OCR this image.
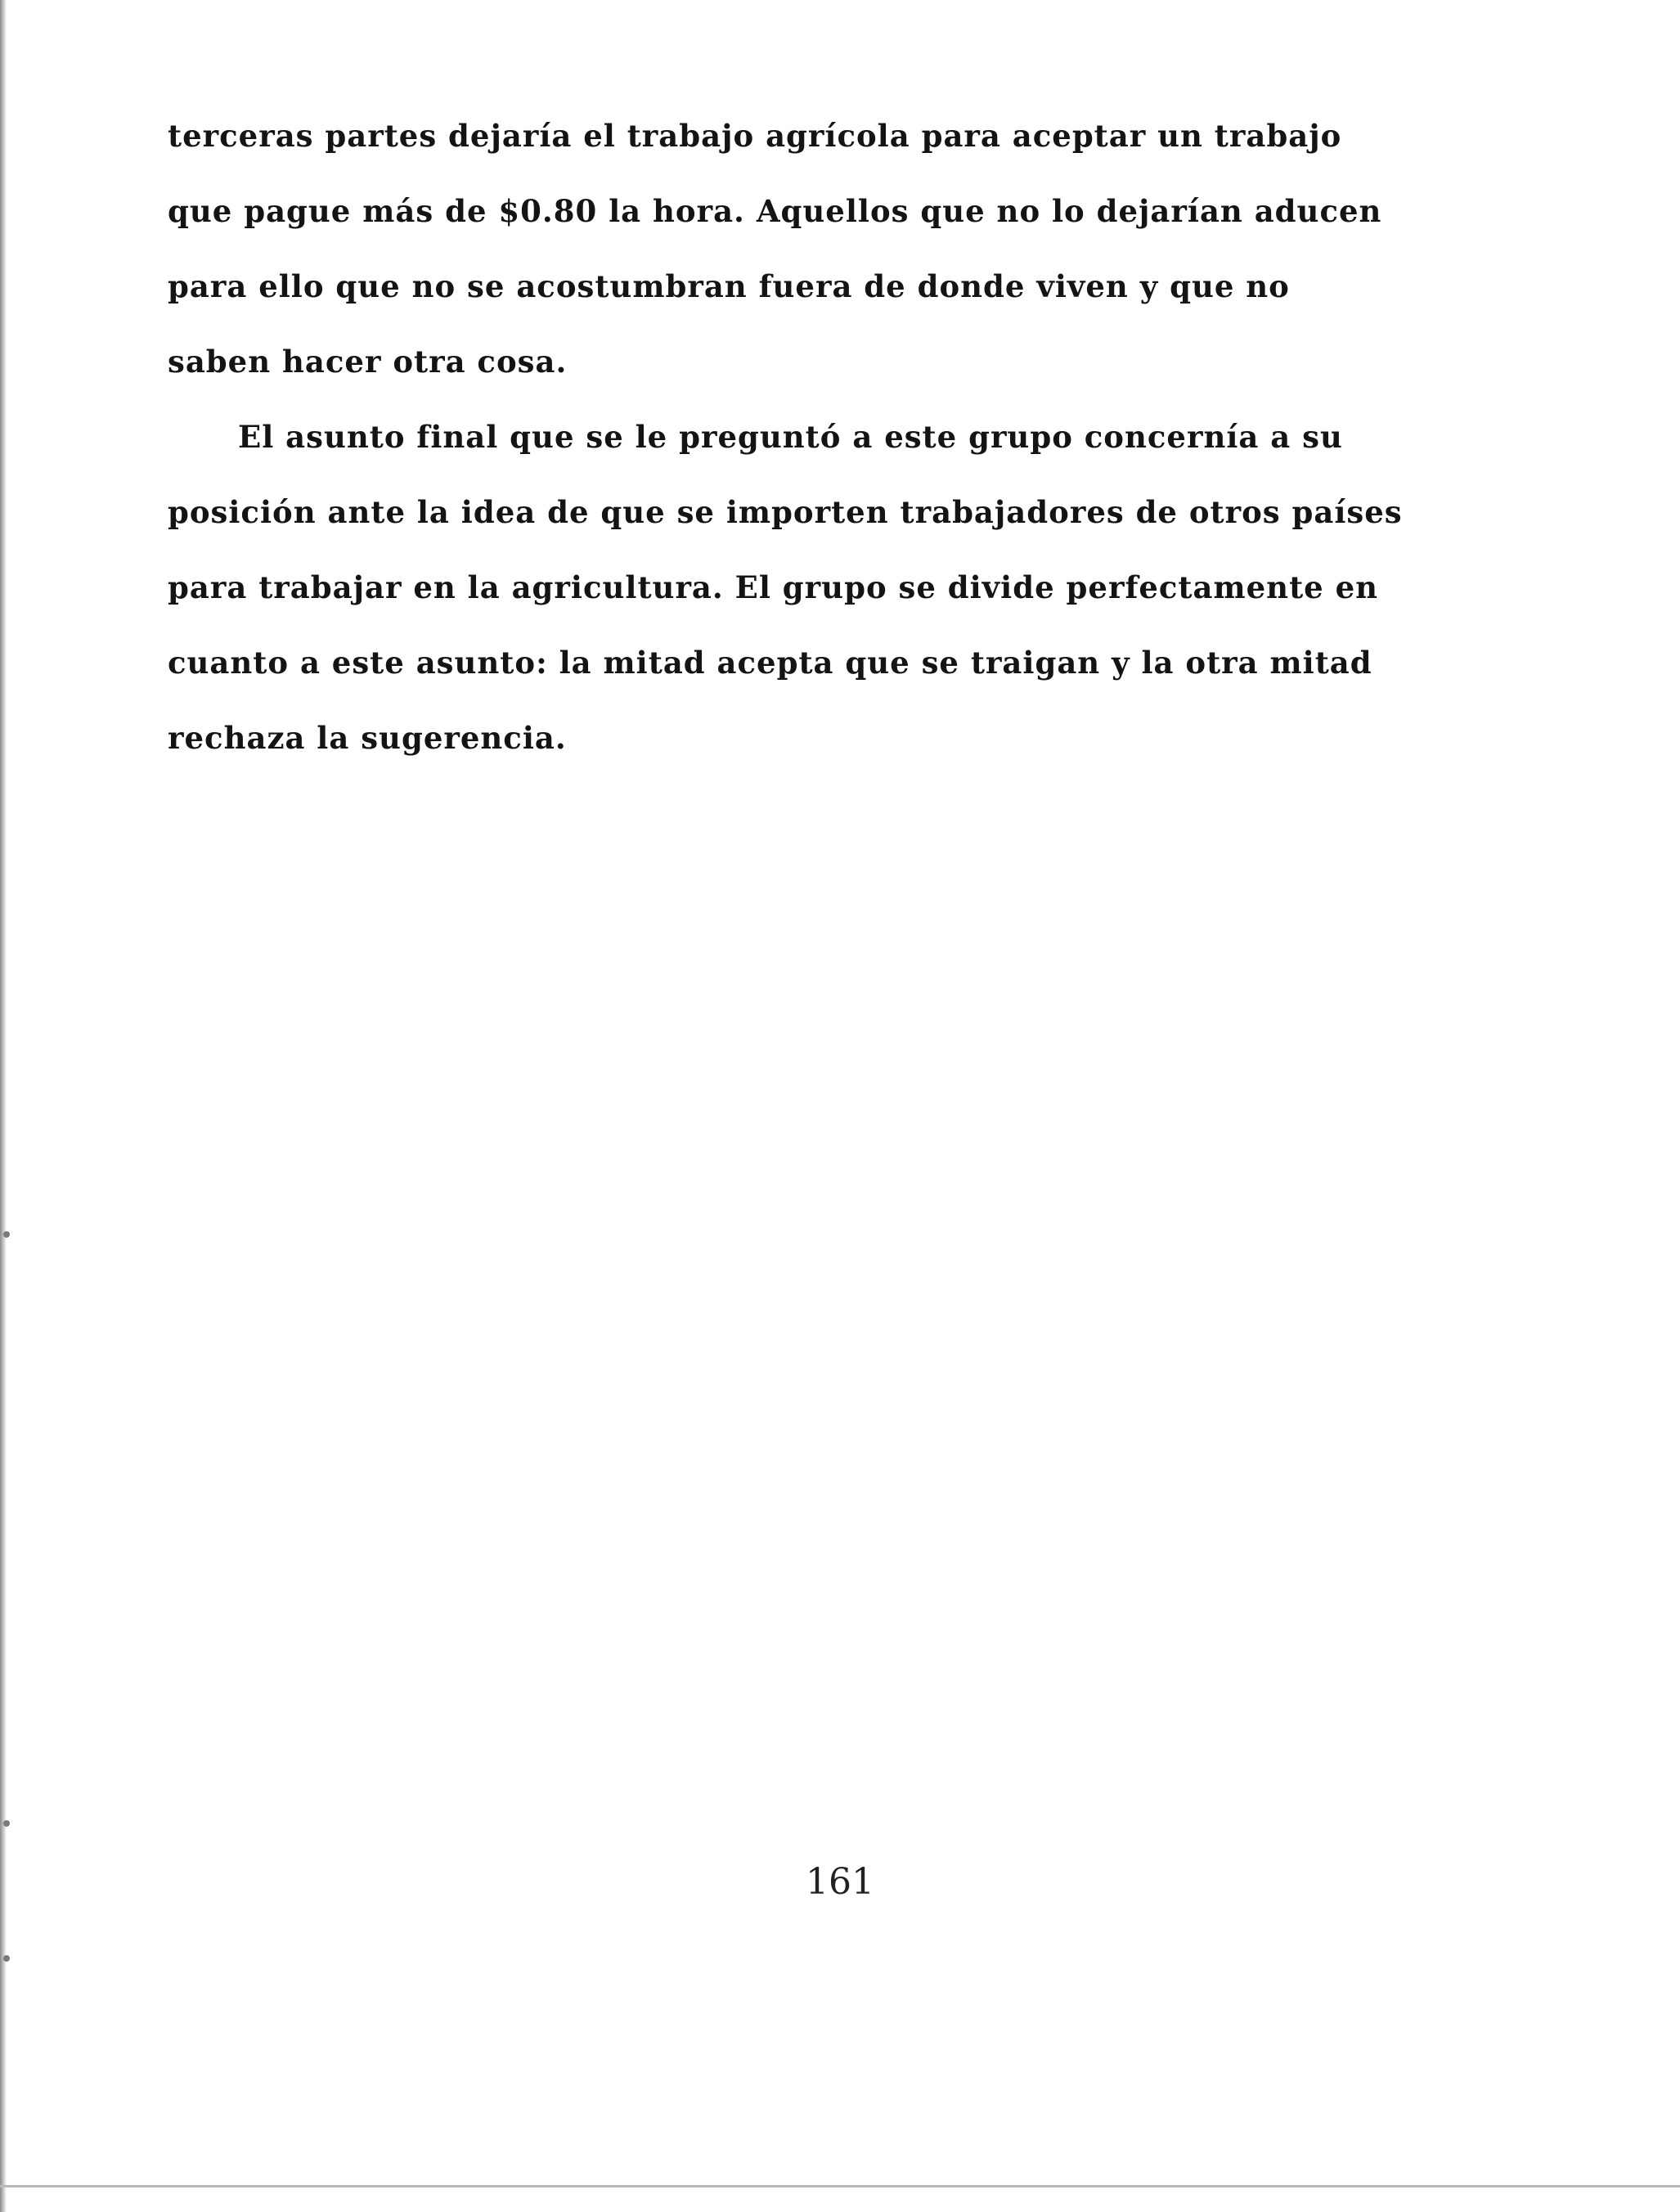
terceras partes dejaría el trabajo agrícola para aceptar un trabajo
que pague más de $0.80 la hora. Aquellos que no lo dejarían aducen
para ello que no se acostumbran fuera de donde viven y que no
saben hacer otra cosa.
El asunto final que se le preguntó a este grupo concernía a su
posición ante la idea de que se importen trabajadores de otros países
para trabajar en la agricultura. El grupo se divide perfectamente en
cuanto a este asunto: la mitad acepta que se traigan y la otra mitad
rechaza la sugerencia.
161
